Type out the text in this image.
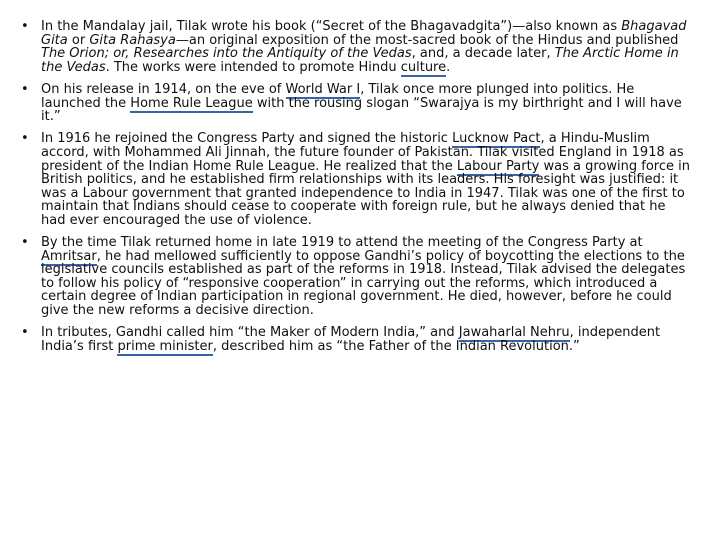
• In the Mandalay jail, Tilak wrote his book (“Secret of the Bhagavadgita”)—also known as Bhagavad Gita or Gita Rahasya—an original exposition of the most-sacred book of the Hindus and published The Orion; or, Researches into the Antiquity of the Vedas, and, a decade later, The Arctic Home in the Vedas. The works were intended to promote Hindu culture.
• On his release in 1914, on the eve of World War I, Tilak once more plunged into politics. He launched the Home Rule League with the rousing slogan “Swarajya is my birthright and I will have it.”
• In 1916 he rejoined the Congress Party and signed the historic Lucknow Pact, a Hindu-Muslim accord, with Mohammed Ali Jinnah, the future founder of Pakistan. Tilak visited England in 1918 as president of the Indian Home Rule League. He realized that the Labour Party was a growing force in British politics, and he established firm relationships with its leaders. His foresight was justified: it was a Labour government that granted independence to India in 1947. Tilak was one of the first to maintain that Indians should cease to cooperate with foreign rule, but he always denied that he had ever encouraged the use of violence.
• By the time Tilak returned home in late 1919 to attend the meeting of the Congress Party at Amritsar, he had mellowed sufficiently to oppose Gandhi’s policy of boycotting the elections to the legislative councils established as part of the reforms in 1918. Instead, Tilak advised the delegates to follow his policy of “responsive cooperation” in carrying out the reforms, which introduced a certain degree of Indian participation in regional government. He died, however, before he could give the new reforms a decisive direction.
• In tributes, Gandhi called him “the Maker of Modern India,” and Jawaharlal Nehru, independent India’s first prime minister, described him as “the Father of the Indian Revolution.”
